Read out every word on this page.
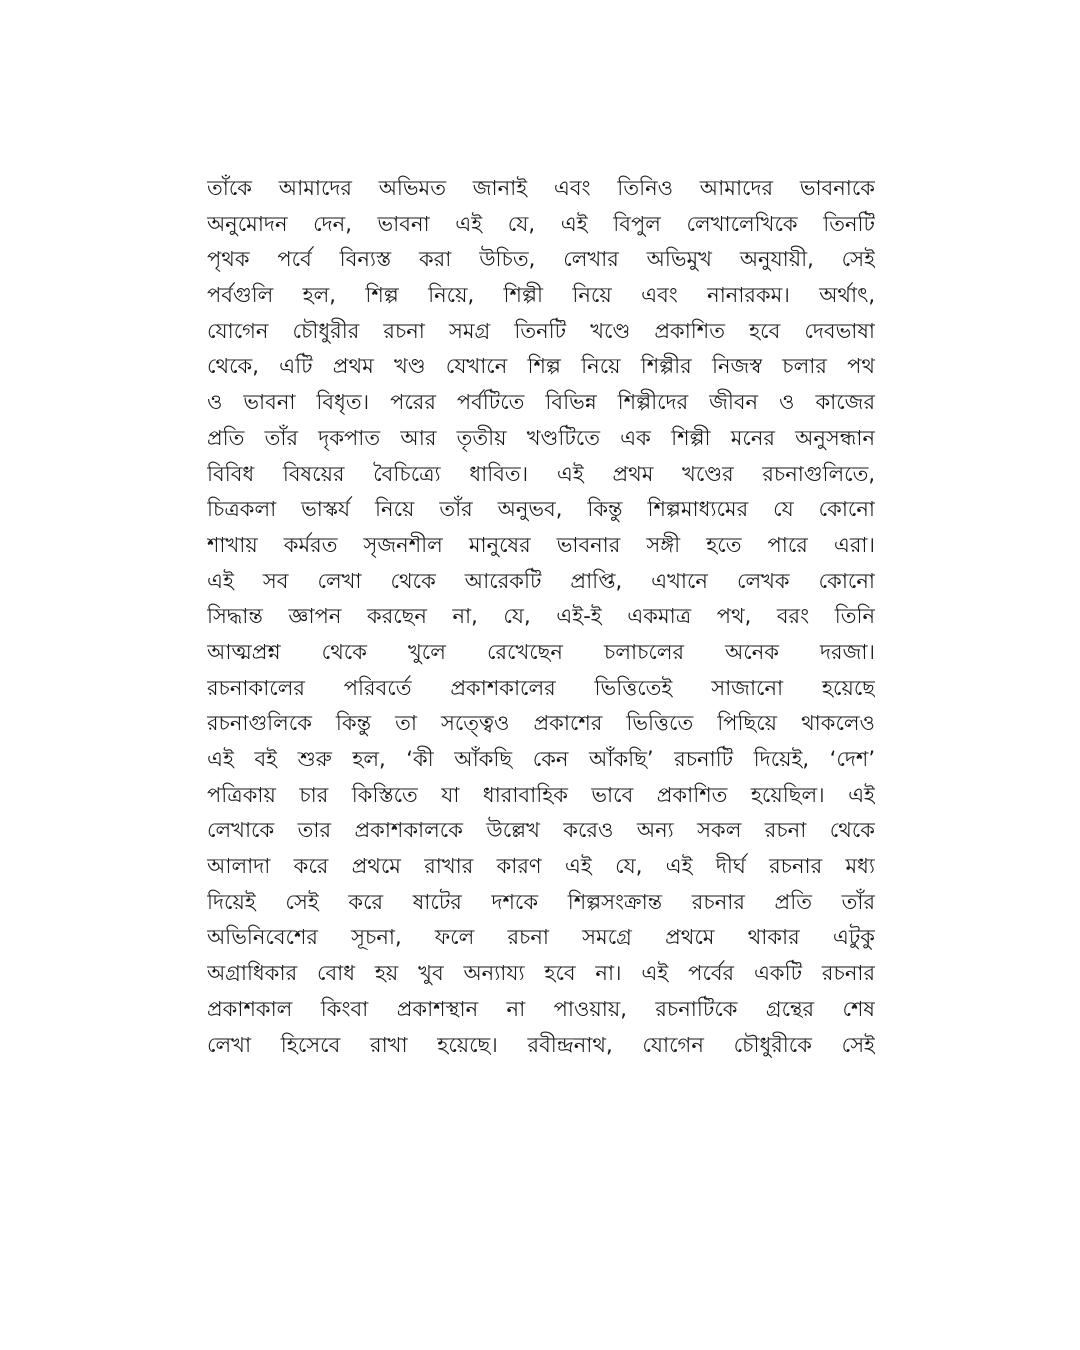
তাঁকে আমাদের অভিমত জানাই এবং তিনিও আমাদের ভাবনাকে
অনুমোদন দেন, ভাবনা এই যে, এই বিপুল লেখালেখিকে তিনটি
পৃথক পর্বে বিন্যস্ত করা উচিত, লেখার অভিমুখ অনুযায়ী, সেই
পর্বগুলি হল, শিল্প নিয়ে, শিল্পী নিয়ে এবং নানারকম। অর্থাৎ,
যোগেন চৌধুরীর রচনা সমগ্র তিনটি খণ্ডে প্রকাশিত হবে দেবভাষা
থেকে, এটি প্রথম খণ্ড যেখানে শিল্প নিয়ে শিল্পীর নিজস্ব চলার পথ
ও ভাবনা বিধৃত। পরের পর্বটিতে বিভিন্ন শিল্পীদের জীবন ও কাজের
প্রতি তাঁর দৃকপাত আর তৃতীয় খণ্ডটিতে এক শিল্পী মনের অনুসন্ধান
বিবিধ বিষয়ের বৈচিত্র্যে ধাবিত। এই প্রথম খণ্ডের রচনাগুলিতে,
চিত্রকলা ভাস্কর্য নিয়ে তাঁর অনুভব, কিন্তু শিল্পমাধ্যমের যে কোনো
শাখায় কর্মরত সৃজনশীল মানুষের ভাবনার সঙ্গী হতে পারে এরা।
এই সব লেখা থেকে আরেকটি প্রাপ্তি, এখানে লেখক কোনো
সিদ্ধান্ত জ্ঞাপন করছেন না, যে, এই-ই একমাত্র পথ, বরং তিনি
আত্মপ্রশ্ন থেকে খুলে রেখেছেন চলাচলের অনেক দরজা।
রচনাকালের পরিবর্তে প্রকাশকালের ভিত্তিতেই সাজানো হয়েছে
রচনাগুলিকে কিন্তু তা সত্ত্বেও প্রকাশের ভিত্তিতে পিছিয়ে থাকলেও
এই বই শুরু হল, ‘কী আঁকছি কেন আঁকছি’ রচনাটি দিয়েই, ‘দেশ’
পত্রিকায় চার কিস্তিতে যা ধারাবাহিক ভাবে প্রকাশিত হয়েছিল। এই
লেখাকে তার প্রকাশকালকে উল্লেখ করেও অন্য সকল রচনা থেকে
আলাদা করে প্রথমে রাখার কারণ এই যে, এই দীর্ঘ রচনার মধ্য
দিয়েই সেই করে ষাটের দশকে শিল্পসংক্রান্ত রচনার প্রতি তাঁর
অভিনিবেশের সূচনা, ফলে রচনা সমগ্রে প্রথমে থাকার এটুকু
অগ্রাধিকার বোধ হয় খুব অন্যায্য হবে না। এই পর্বের একটি রচনার
প্রকাশকাল কিংবা প্রকাশস্থান না পাওয়ায়, রচনাটিকে গ্রন্থের শেষ
লেখা হিসেবে রাখা হয়েছে। রবীন্দ্রনাথ, যোগেন চৌধুরীকে সেই
